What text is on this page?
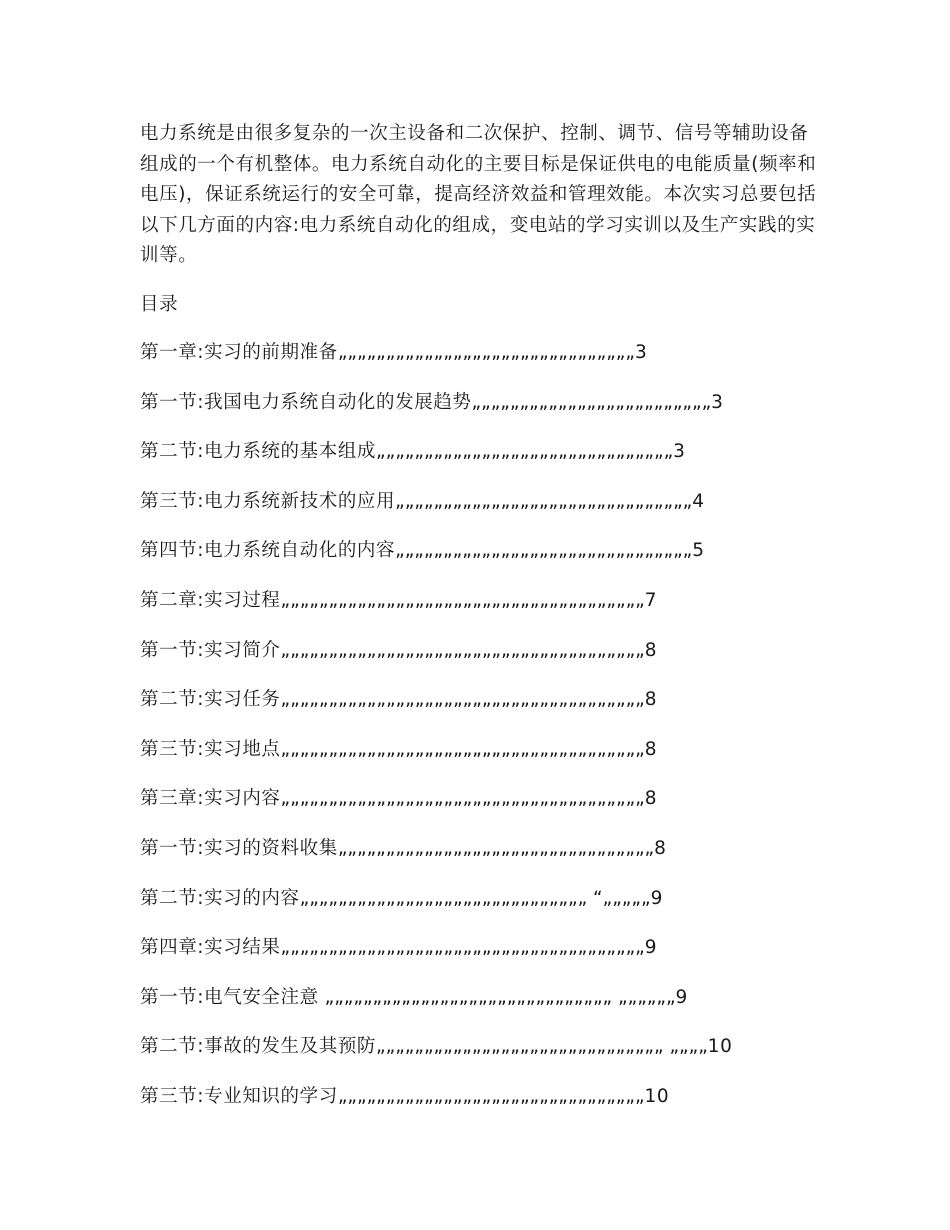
电力系统是由很多复杂的一次主设备和二次保护、控制、调节、信号等辅助设备组成的一个有机整体。电力系统自动化的主要目标是保证供电的电能质量(频率和电压)，保证系统运行的安全可靠，提高经济效益和管理效能。本次实习总要包括以下几方面的内容:电力系统自动化的组成，变电站的学习实训以及生产实践的实训等。

目录

第一章:实习的前期准备„„„„„„„„„„„„„„„„„„„„„„„„„„„„„„„3
第一节:我国电力系统自动化的发展趋势„„„„„„„„„„„„„„„„„„„„„„„„„3
第二节:电力系统的基本组成„„„„„„„„„„„„„„„„„„„„„„„„„„„„„„„3
第三节:电力系统新技术的应用„„„„„„„„„„„„„„„„„„„„„„„„„„„„„„„4
第四节:电力系统自动化的内容„„„„„„„„„„„„„„„„„„„„„„„„„„„„„„„5
第二章:实习过程„„„„„„„„„„„„„„„„„„„„„„„„„„„„„„„„„„„„„„7
第一节:实习简介„„„„„„„„„„„„„„„„„„„„„„„„„„„„„„„„„„„„„„8
第二节:实习任务„„„„„„„„„„„„„„„„„„„„„„„„„„„„„„„„„„„„„„8
第三节:实习地点„„„„„„„„„„„„„„„„„„„„„„„„„„„„„„„„„„„„„„8
第三章:实习内容„„„„„„„„„„„„„„„„„„„„„„„„„„„„„„„„„„„„„„8
第一节:实习的资料收集„„„„„„„„„„„„„„„„„„„„„„„„„„„„„„„„„8
第二节:实习的内容„„„„„„„„„„„„„„„„„„„„„„„„„„„„„„ “„„„„„9
第四章:实习结果„„„„„„„„„„„„„„„„„„„„„„„„„„„„„„„„„„„„„„9
第一节:电气安全注意 „„„„„„„„„„„„„„„„„„„„„„„„„„„„„„ „„„„„„9
第二节:事故的发生及其预防„„„„„„„„„„„„„„„„„„„„„„„„„„„„„„ „„„„10
第三节:专业知识的学习„„„„„„„„„„„„„„„„„„„„„„„„„„„„„„„„10
